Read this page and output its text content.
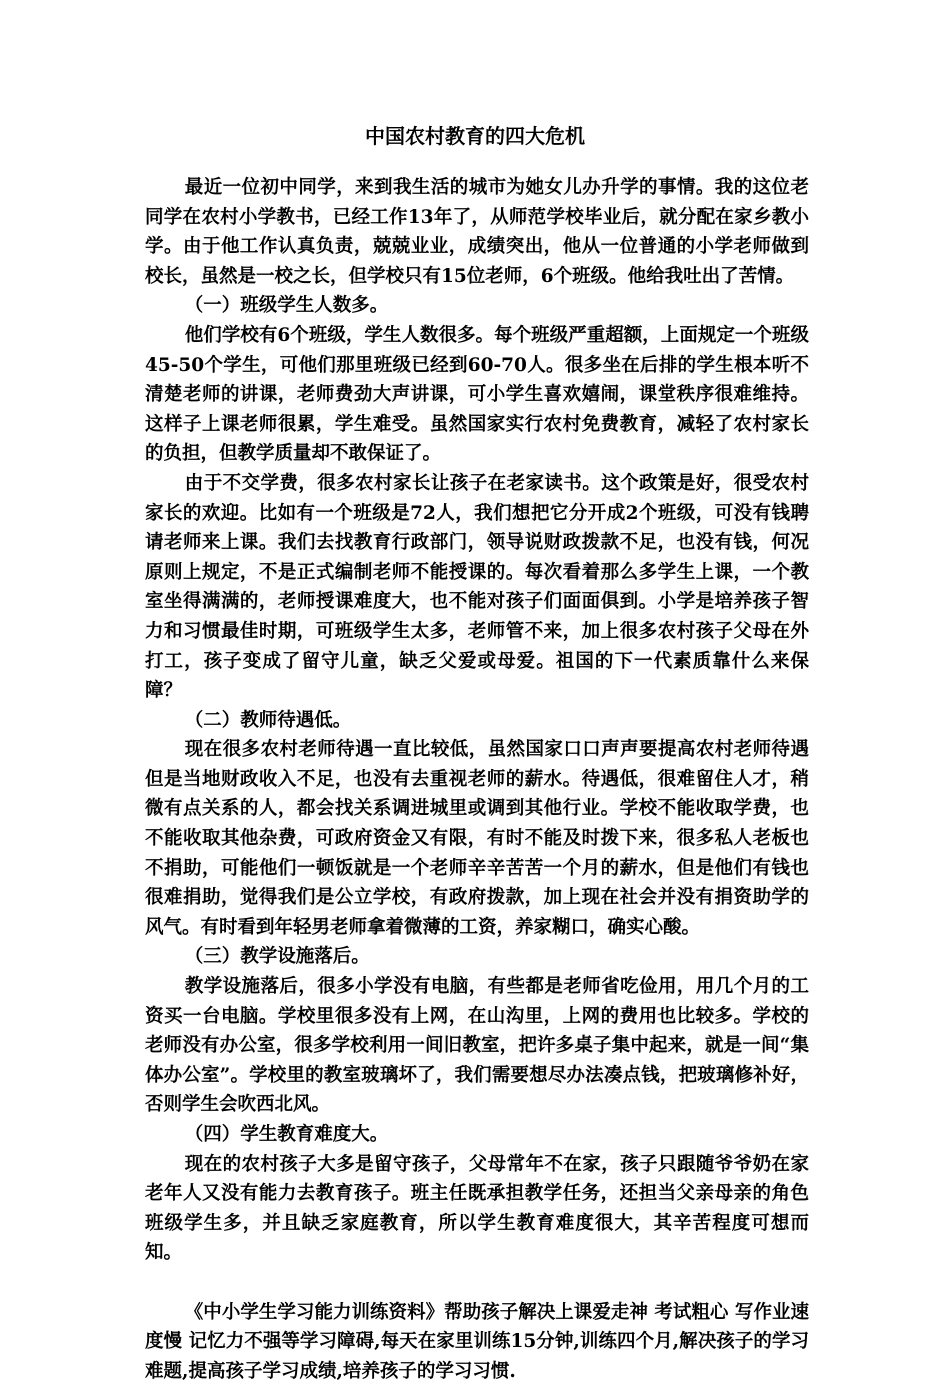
中国农村教育的四大危机

最近一位初中同学，来到我生活的城市为她女儿办升学的事情。我的这位老同学在农村小学教书，已经工作13年了，从师范学校毕业后，就分配在家乡教小学。由于他工作认真负责，兢兢业业，成绩突出，他从一位普通的小学老师做到校长，虽然是一校之长，但学校只有15位老师，6个班级。他给我吐出了苦情。

（一）班级学生人数多。

他们学校有6个班级，学生人数很多。每个班级严重超额，上面规定一个班级45-50个学生，可他们那里班级已经到60-70人。很多坐在后排的学生根本听不清楚老师的讲课，老师费劲大声讲课，可小学生喜欢嬉闹，课堂秩序很难维持。这样子上课老师很累，学生难受。虽然国家实行农村免费教育，减轻了农村家长的负担，但教学质量却不敢保证了。

由于不交学费，很多农村家长让孩子在老家读书。这个政策是好，很受农村家长的欢迎。比如有一个班级是72人，我们想把它分开成2个班级，可没有钱聘请老师来上课。我们去找教育行政部门，领导说财政拨款不足，也没有钱，何况原则上规定，不是正式编制老师不能授课的。每次看着那么多学生上课，一个教室坐得满满的，老师授课难度大，也不能对孩子们面面俱到。小学是培养孩子智力和习惯最佳时期，可班级学生太多，老师管不来，加上很多农村孩子父母在外打工，孩子变成了留守儿童，缺乏父爱或母爱。祖国的下一代素质靠什么来保障？

（二）教师待遇低。

现在很多农村老师待遇一直比较低，虽然国家口口声声要提高农村老师待遇但是当地财政收入不足，也没有去重视老师的薪水。待遇低，很难留住人才，稍微有点关系的人，都会找关系调进城里或调到其他行业。学校不能收取学费，也不能收取其他杂费，可政府资金又有限，有时不能及时拨下来，很多私人老板也不捐助，可能他们一顿饭就是一个老师辛辛苦苦一个月的薪水，但是他们有钱也很难捐助，觉得我们是公立学校，有政府拨款，加上现在社会并没有捐资助学的风气。有时看到年轻男老师拿着微薄的工资，养家糊口，确实心酸。

（三）教学设施落后。

教学设施落后，很多小学没有电脑，有些都是老师省吃俭用，用几个月的工资买一台电脑。学校里很多没有上网，在山沟里，上网的费用也比较多。学校的老师没有办公室，很多学校利用一间旧教室，把许多桌子集中起来，就是一间“集体办公室”。学校里的教室玻璃坏了，我们需要想尽办法凑点钱，把玻璃修补好，否则学生会吹西北风。

（四）学生教育难度大。

现在的农村孩子大多是留守孩子，父母常年不在家，孩子只跟随爷爷奶在家老年人又没有能力去教育孩子。班主任既承担教学任务，还担当父亲母亲的角色班级学生多，并且缺乏家庭教育，所以学生教育难度很大，其辛苦程度可想而知。

《中小学生学习能力训练资料》帮助孩子解决上课爱走神 考试粗心 写作业速度慢 记忆力不强等学习障碍,每天在家里训练15分钟,训练四个月,解决孩子的学习难题,提高孩子学习成绩,培养孩子的学习习惯.
